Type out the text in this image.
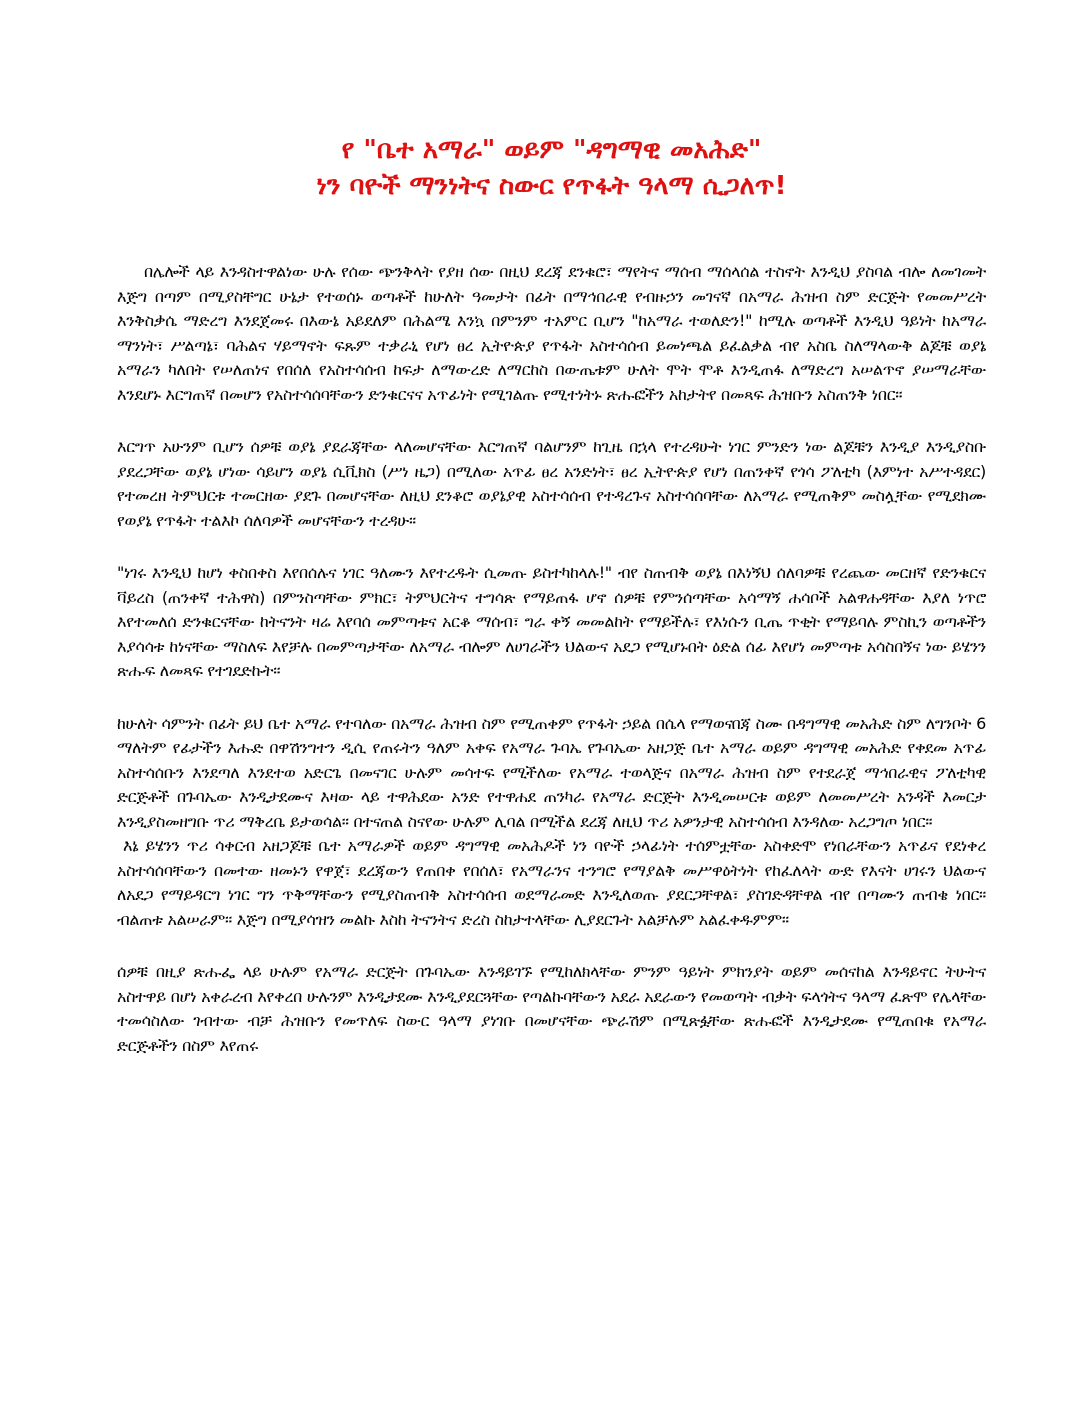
የ "ቤተ አማራ" ወይም "ዳግማዊ መአሕድ"

ነን ባዮች ማንነትና ስውር የጥፋት ዓላማ ሲጋለጥ!

በሌሎች ላይ እንዳስተዋልነው ሁሉ የሰው ጭንቅላት የያዘ ሰው በዚህ ደረጃ ደንቁሮ፣ ማየትና ማሰብ ማሰላሰል ተስኖት እንዲህ ያስባል ብሎ ለመገመት እጅግ በጣም በሚያስቸግር ሁኔታ የተወሰኑ ወጣቶች ከሁለት ዓመታት በፊት በማኅበራዊ የብዙኃን መገናኛ በአማራ ሕዝብ ስም ድርጅት የመመሥረት እንቅስቃሴ ማድረግ እንደጀመሩ በእውኔ አይደለም በሕልሜ እንኳ በምንም ተአምር ቢሆን "ከአማራ ተወለድን!" ከሚሉ ወጣቶች እንዲህ ዓይነት ከአማራ ማንነት፣ ሥልጣኔ፣ ባሕልና ሃይማኖት ፍጹም ተቃራኒ የሆነ ፀረ ኢትዮጵያ የጥፋት አስተሳሰብ ይመነጫል ይፈልቃል ብየ አስቤ ስለማላውቅ ልጆቹ ወያኔ አማራን ካለበት የሠለጠነና የበሰለ የአስተሳሰብ ከፍታ ለማውረድ ለማርከስ በውጤቱም ሁለት ሞት ሞቶ እንዲጠፋ ለማድረግ አሠልጥኖ ያሠማራቸው እንደሆኑ እርግጠኛ በመሆን የአስተሳሰባቸውን ድንቁርናና አጥፊነት የሚገልጡ የሚተነትኑ ጽሑፎችን አከታትየ በመጻፍ ሕዝቡን አስጠንቅ ነበር፡፡

እርግጥ አሁንም ቢሆን ሰዎቹ ወያኔ ያደራጃቸው ላለመሆናቸው እርግጠኛ ባልሆንም ከጊዜ በኋላ የተረዳሁት ነገር ምንድን ነው ልጆቹን እንዲያ እንዲያስቡ ያደረጋቸው ወያኔ ሆነው ሳይሆን ወያኔ ሲቪክስ (ሥነ ዜጋ) በሚለው አጥፊ ፀረ አንድነት፣ ፀረ ኢትዮጵያ የሆነ በጠንቀኛ የጎሳ ፖለቲካ (እምነተ አሥተዳደር) የተመረዘ ትምህርቱ ተመርዘው ያደጉ በመሆናቸው ለዚህ ደንቆሮ ወያኔያዊ አስተሳሰብ የተዳረጉና አስተሳሰባቸው ለአማራ የሚጠቅም መስሏቸው የሚደክሙ የወያኔ የጥፋት ተልእኮ ሰለባዎች መሆናቸውን ተረዳሁ፡፡

"ነገሩ እንዲህ ከሆነ ቀስበቀስ እየበሰሉና ነገር ዓለሙን እየተረዱት ሲመጡ ይስተካከላሉ!" ብየ ስጠብቅ ወያኔ በእነኝህ ሰለባዎቹ የረጨው መርዘኛ የድንቁርና ቫይረስ (ጠንቀኛ ተሕዋስ) በምንስጣቸው ምክር፣ ትምህርትና ተግሳጽ የማይጠፋ ሆኖ ሰዎቹ የምንሰጣቸው አሳማኝ ሐሳቦች አልዋሐዳቸው እያለ ነጥሮ እየተመለሰ ድንቁርናቸው ከትናንት ዛሬ እየባሰ መምጣቱና አርቆ ማሰብ፣ ግራ ቀኝ መመልከት የማይችሉ፣ የእነሱን ቢጤ ጥቂት የማይባሉ ምስኪን ወጣቶችን እያሳሳቱ ከነናቸው ማስለፍ እየቻሉ በመምጣታቸው ለአማራ ብሎም ለሀገራችን ህልውና አደጋ የሚሆኑበት ዕድል ሰፊ እየሆነ መምጣቱ አሳስበኝና ነው ይሄንን ጽሑፍ ለመጻፍ የተገደድኩት፡፡

ከሁለት ሳምንት በፊት ይህ ቤተ አማራ የተባለው በአማራ ሕዝብ ስም የሚጠቀም የጥፋት ኃይል በሴላ የማወናበጃ ስሙ በዳግማዊ መአሕድ ስም ለግንቦት 6 ማለትም የፊታችን እሑድ በዋሽንግተን ዲሲ የጠሩትን ዓለም አቀፍ የአማራ ጉባኤ የጉባኤው አዘጋጅ ቤተ አማራ ወይም ዳግማዊ መአሕድ የቀደመ አጥፊ አስተሳሰቡን እንደጣለ እንደተወ አድርጌ በመናገር ሁሉም መሳተፍ የሚችለው የአማራ ተወላጅና በአማራ ሕዝብ ስም የተደራጀ ማኅበራዊና ፖለቲካዊ ድርጅቶች በጉባኤው እንዲታደሙና እዛው ላይ ተዋሕደው አንድ የተዋሐደ ጠንካራ የአማራ ድርጅት እንዲመሠርቱ ወይም ለመመሥረት አንዳች እመርታ እንዲያስመዘግቡ ጥሪ ማቅረቤ ይታወሳል፡፡ በተናጠል ስናየው ሁሉም ሊባል በሚችል ደረጃ ለዚህ ጥሪ አዎንታዊ አስተሳሰብ እንዳለው አረጋግጦ ነበር፡፡

እኔ ይሄንን ጥሪ ሳቀርብ አዘጋጆቹ ቤተ አማራዎች ወይም ዳግማዊ መአሕዶች ነን ባዮች ኃላፊነት ተሰምቷቸው አስቀድሞ የነበራቸውን አጥፊና የደነቀረ አስተሳሰባቸውን በመተው ዘመኑን የዋጀ፣ ደረጃውን የጠበቀ የበሰለ፣ የአማራንና ተንግሮ የማያልቅ መሥዋዕትነት የከፈለላት ውድ የእናት ሀገሩን ህልውና ለአደጋ የማይዳርግ ነገር ግን ጥቅማቸውን የሚያስጠብቅ አስተሳሰብ ወደማራመድ እንዲለወጡ ያደርጋቸዋል፣ ያስገድዳቸዋል ብየ በጣሙን ጠብቄ ነበር፡፡ ብልጠቱ አልሠራም፡፡ እጅግ በሚያሳዝን መልኩ እስከ ትናንትና ድረስ ስከታተላቸው ሊያደርጉት አልቻሉም አልፈቀዱምም፡፡

ሰዎቹ በዚያ ጽሑፌ ላይ ሁሉም የአማራ ድርጅት በጉባኤው እንዳይገኙ የሚከለክላቸው ምንም ዓይነት ምክንያት ወይም መሰናከል እንዳይኖር ትሁትና አስተዋይ በሆነ አቀራረብ እየቀረበ ሁሉንም እንዲታደሙ እንዲያደርጓቸው የጣልኩባቸውን አደራ አደራውን የመወጣት ብቃት ፍላጎትና ዓላማ ፈጽሞ የሌላቸው ተመሳስለው ገብተው ብቻ ሕዝቡን የመጥለፍ ስውር ዓላማ ያነገቡ በመሆናቸው ጭራሽም በሚጽፏቸው ጽሑፎች እንዲታደሙ የሚጠበቁ የአማራ ድርጅቶችን በስም እየጠሩ
